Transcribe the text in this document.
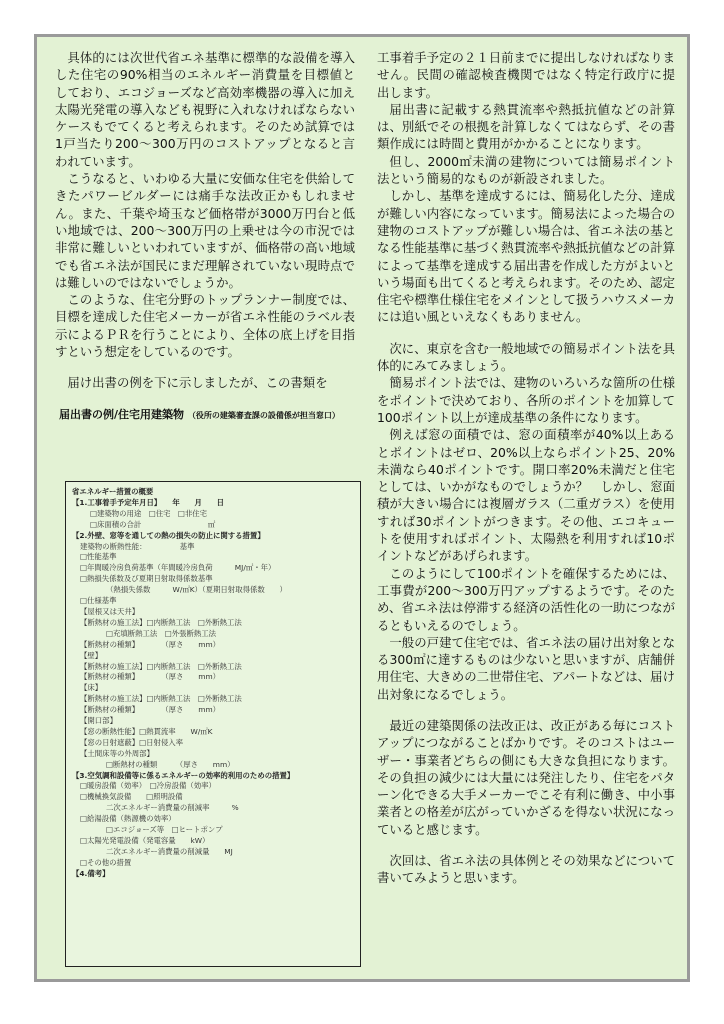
具体的には次世代省エネ基準に標準的な設備を導入した住宅の90%相当のエネルギー消費量を目標値としており、エコジョーズなど高効率機器の導入に加え太陽光発電の導入なども視野に入れなければならないケースもでてくると考えられます。そのため試算では1戸当たり200～300万円のコストアップとなると言われています。

こうなると、いわゆる大量に安価な住宅を供給してきたパワービルダーには痛手な法改正かもしれません。また、千葉や埼玉など価格帯が3000万円台と低い地域では、200～300万円の上乗せは今の市況では非常に難しいといわれていますが、価格帯の高い地域でも省エネ法が国民にまだ理解されていない現時点では難しいのではないでしょうか。

このような、住宅分野のトップランナー制度では、目標を達成した住宅メーカーが省エネ性能のラベル表示によるＰＲを行うことにより、全体の底上げを目指すという想定をしているのです。

届け出書の例を下に示しましたが、この書類を

届出書の例/住宅用建築物 （役所の建築審査課の設備係が担当窓口）
省エネルギー措置の概要
【1.工事着手予定年月日】　　年　　月　　日
□建築物の用途　□住宅　□非住宅
□床面積の合計　　　　　　　　　㎡
【2.外壁、窓等を通しての熱の損失の防止に関する措置】
建築物の断熱性能：　　　　　基準
□性能基準
□年間暖冷房負荷基準（年間暖冷房負荷　　　MJ/㎡・年）
□熱損失係数及び夏期日射取得係数基準
（熱損失係数　　　W/㎡K）（夏期日射取得係数　　）
□仕様基準
【屋根又は天井】
【断熱材の施工法】□内断熱工法　□外断熱工法
□充填断熱工法　□外張断熱工法
【断熱材の種類】　　　　（厚さ　　mm）
【壁】
【断熱材の施工法】□内断熱工法　□外断熱工法
【断熱材の種類】　　　　（厚さ　　mm）
【床】
【断熱材の施工法】□内断熱工法　□外断熱工法
【断熱材の種類】　　　　（厚さ　　mm）
【開口部】
【窓の断熱性能】□熱貫流率　　W/㎡K
【窓の日射遮蔽】□日射侵入率　　
【土間床等の外周部】
□断熱材の種類　　　（厚さ　　mm）
【3.空気調和設備等に係るエネルギーの効率的利用のための措置】
□暖房設備（効率）　□冷房設備（効率）
□機械換気設備　　□照明設備
二次エネルギー消費量の削減率　　　%
□給湯設備（熱源機の効率）
□エコジョーズ等　□ヒートポンプ
□太陽光発電設備（発電容量　　kW）
二次エネルギー消費量の削減量　　MJ
□その他の措置
【4.備考】

工事着手予定の２１日前までに提出しなければなりません。民間の確認検査機関ではなく特定行政庁に提出します。

届出書に記載する熱貫流率や熱抵抗値などの計算は、別紙でその根拠を計算しなくてはならず、その書類作成には時間と費用がかかることになります。

但し、2000㎡未満の建物については簡易ポイント法という簡易的なものが新設されました。

しかし、基準を達成するには、簡易化した分、達成が難しい内容になっています。簡易法によった場合の建物のコストアップが難しい場合は、省エネ法の基となる性能基準に基づく熱貫流率や熱抵抗値などの計算によって基準を達成する届出書を作成した方がよいという場面も出てくると考えられます。そのため、認定住宅や標準仕様住宅をメインとして扱うハウスメーカには追い風といえなくもありません。

次に、東京を含む一般地域での簡易ポイント法を具体的にみてみましょう。

簡易ポイント法では、建物のいろいろな箇所の仕様をポイントで決めており、各所のポイントを加算して100ポイント以上が達成基準の条件になります。

例えば窓の面積では、窓の面積率が40%以上あるとポイントはゼロ、20%以上ならポイント25、20%未満なら40ポイントです。開口率20%未満だと住宅としては、いかがなものでしょうか？　しかし、窓面積が大きい場合には複層ガラス（二重ガラス）を使用すれば30ポイントがつきます。その他、エコキュートを使用すればポイント、太陽熱を利用すれば10ポイントなどがあげられます。

このようにして100ポイントを確保するためには、工事費が200～300万円アップするようです。そのため、省エネ法は停滞する経済の活性化の一助につながるともいえるのでしょう。

一般の戸建て住宅では、省エネ法の届け出対象となる300㎡に達するものは少ないと思いますが、店舗併用住宅、大きめの二世帯住宅、アパートなどは、届け出対象になるでしょう。

最近の建築関係の法改正は、改正がある毎にコストアップにつながることばかりです。そのコストはユーザー・事業者どちらの側にも大きな負担になります。その負担の減少には大量には発注したり、住宅をパターン化できる大手メーカーでこそ有利に働き、中小事業者との格差が広がっていかざるを得ない状況になっていると感じます。

次回は、省エネ法の具体例とその効果などについて書いてみようと思います。
